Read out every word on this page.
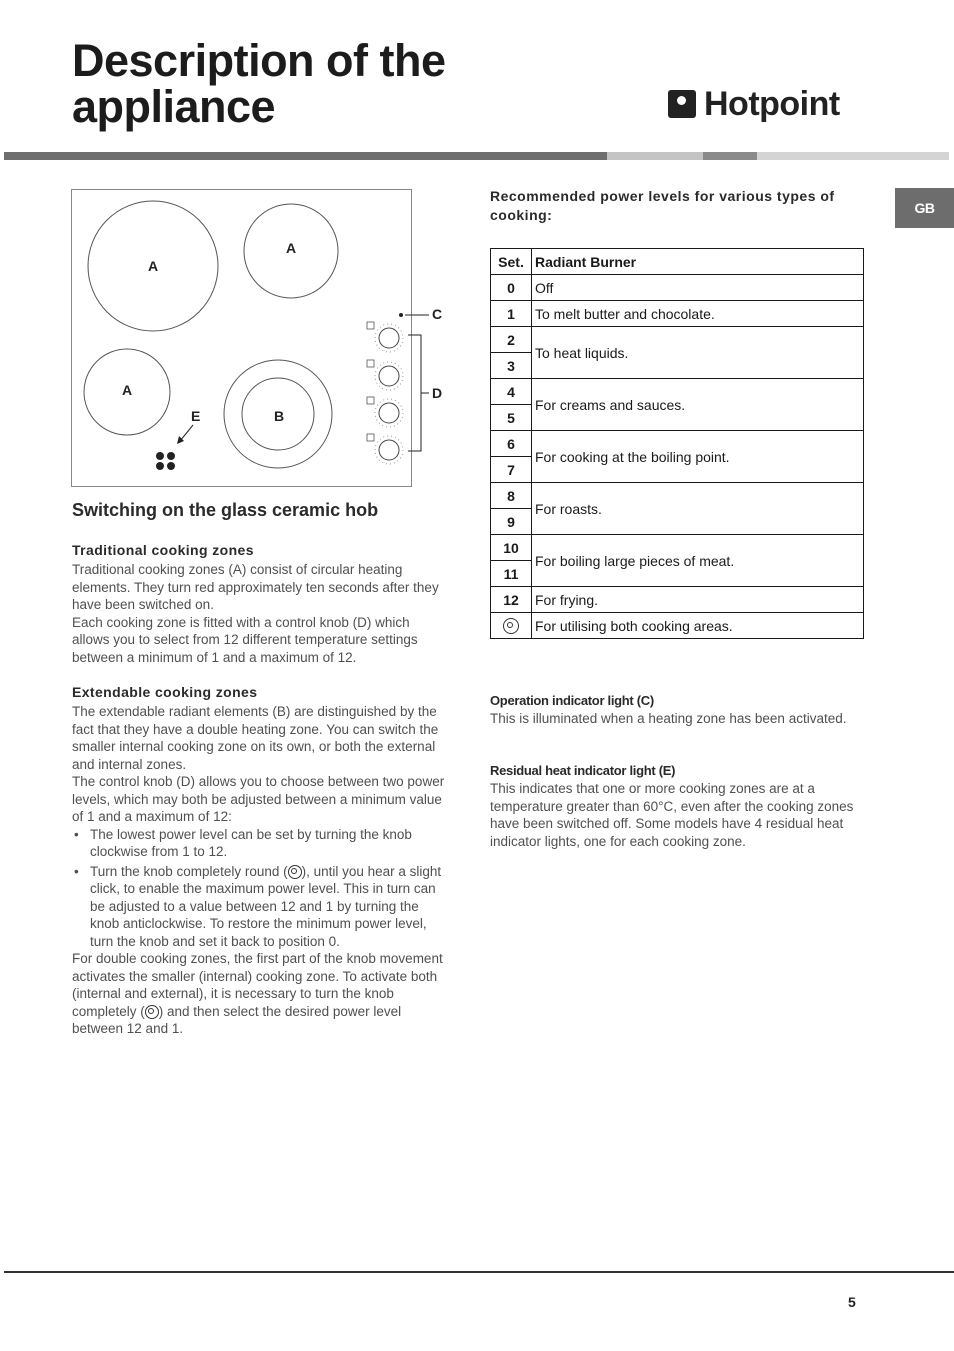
Description of the
appliance	Hotpoint
GB
A
A
A
B
E
C
D
Switching on the glass ceramic hob
Traditional cooking zones

Traditional cooking zones (A) consist of circular heating elements. They turn red approximately ten seconds after they have been switched on.

Each cooking zone is fitted with a control knob (D) which allows you to select from 12 different temperature settings between a minimum of 1 and a maximum of 12.

Extendable cooking zones

The extendable radiant elements (B) are distinguished by the fact that they have a double heating zone. You can switch the smaller internal cooking zone on its own, or both the external and internal zones.

The control knob (D) allows you to choose between two power levels, which may both be adjusted between a minimum value of 1 and a maximum of 12:

• The lowest power level can be set by turning the knob clockwise from 1 to 12.
• Turn the knob completely round ( ), until you hear a slight click, to enable the maximum power level. This in turn can be adjusted to a value between 12 and 1 by turning the knob anticlockwise. To restore the minimum power level, turn the knob and set it back to position 0.

For double cooking zones, the first part of the knob movement activates the smaller (internal) cooking zone. To activate both (internal and external), it is necessary to turn the knob completely ( ) and then select the desired power level between 12 and 1.

Recommended power levels for various types of cooking:

Set.	Radiant Burner
0	Off
1	To melt butter and chocolate.
2	To heat liquids.
3	
4	For creams and sauces.
5	
6	For cooking at the boiling point.
7	
8	For roasts.
9	
10	For boiling large pieces of meat.
11	
12	For frying.
	For utilising both cooking areas.
Operation indicator light (C)
This is illuminated when a heating zone has been activated.
Residual heat indicator light (E)
This indicates that one or more cooking zones are at a temperature greater than 60°C, even after the cooking zones have been switched off. Some models have 4 residual heat indicator lights, one for each cooking zone.
5
